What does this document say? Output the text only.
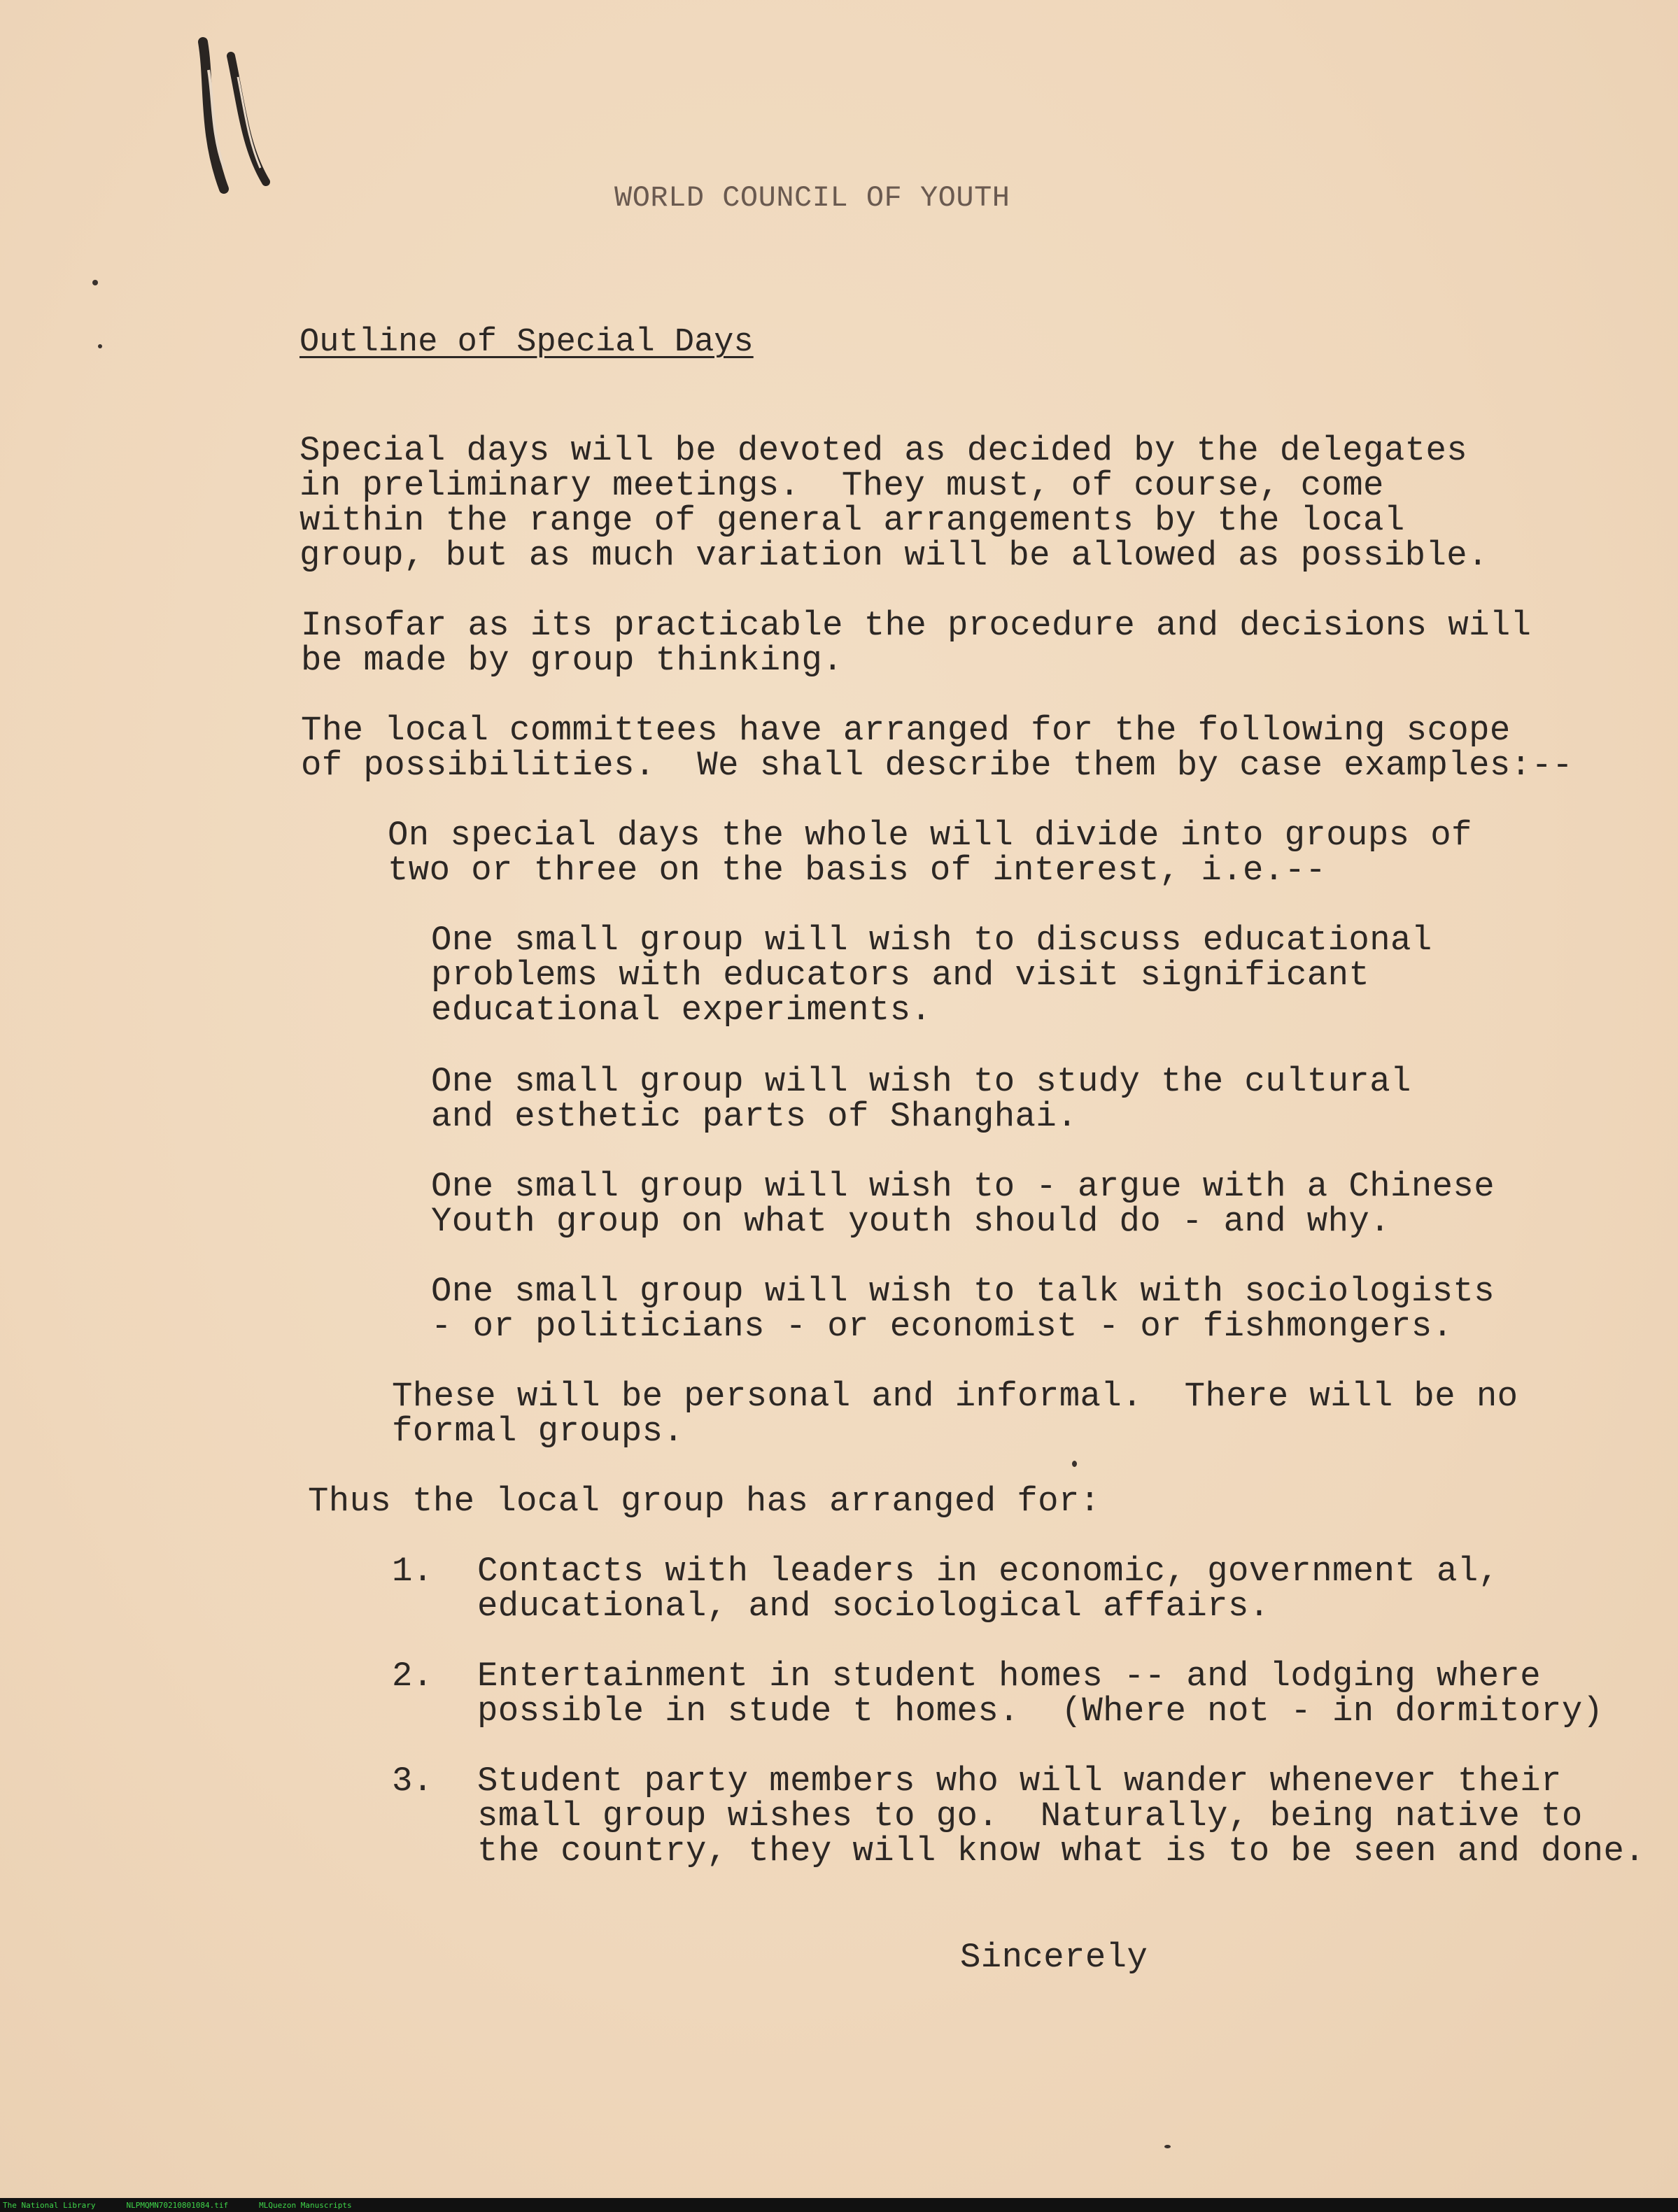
WORLD COUNCIL OF YOUTH

Outline of Special Days

Special days will be devoted as decided by the delegates

in preliminary meetings.  They must, of course, come

within the range of general arrangements by the local

group, but as much variation will be allowed as possible.

Insofar as its practicable the procedure and decisions will

be made by group thinking.

The local committees have arranged for the following scope

of possibilities.  We shall describe them by case examples:--

On special days the whole will divide into groups of

two or three on the basis of interest, i.e.--

One small group will wish to discuss educational

problems with educators and visit significant

educational experiments.

One small group will wish to study the cultural

and esthetic parts of Shanghai.

One small group will wish to - argue with a Chinese

Youth group on what youth should do - and why.

One small group will wish to talk with sociologists

- or politicians - or economist - or fishmongers.

These will be personal and informal.  There will be no

formal groups.

Thus the local group has arranged for:

1. Contacts with leaders in economic, government al,

educational, and sociological affairs.

2. Entertainment in student homes -- and lodging where

possible in stude t homes.  (Where not - in dormitory)

3. Student party members who will wander whenever their

small group wishes to go.  Naturally, being native to

the country, they will know what is to be seen and done.

Sincerely

The National Library	NLPMQMN70210801084.tif	MLQuezon Manuscripts
